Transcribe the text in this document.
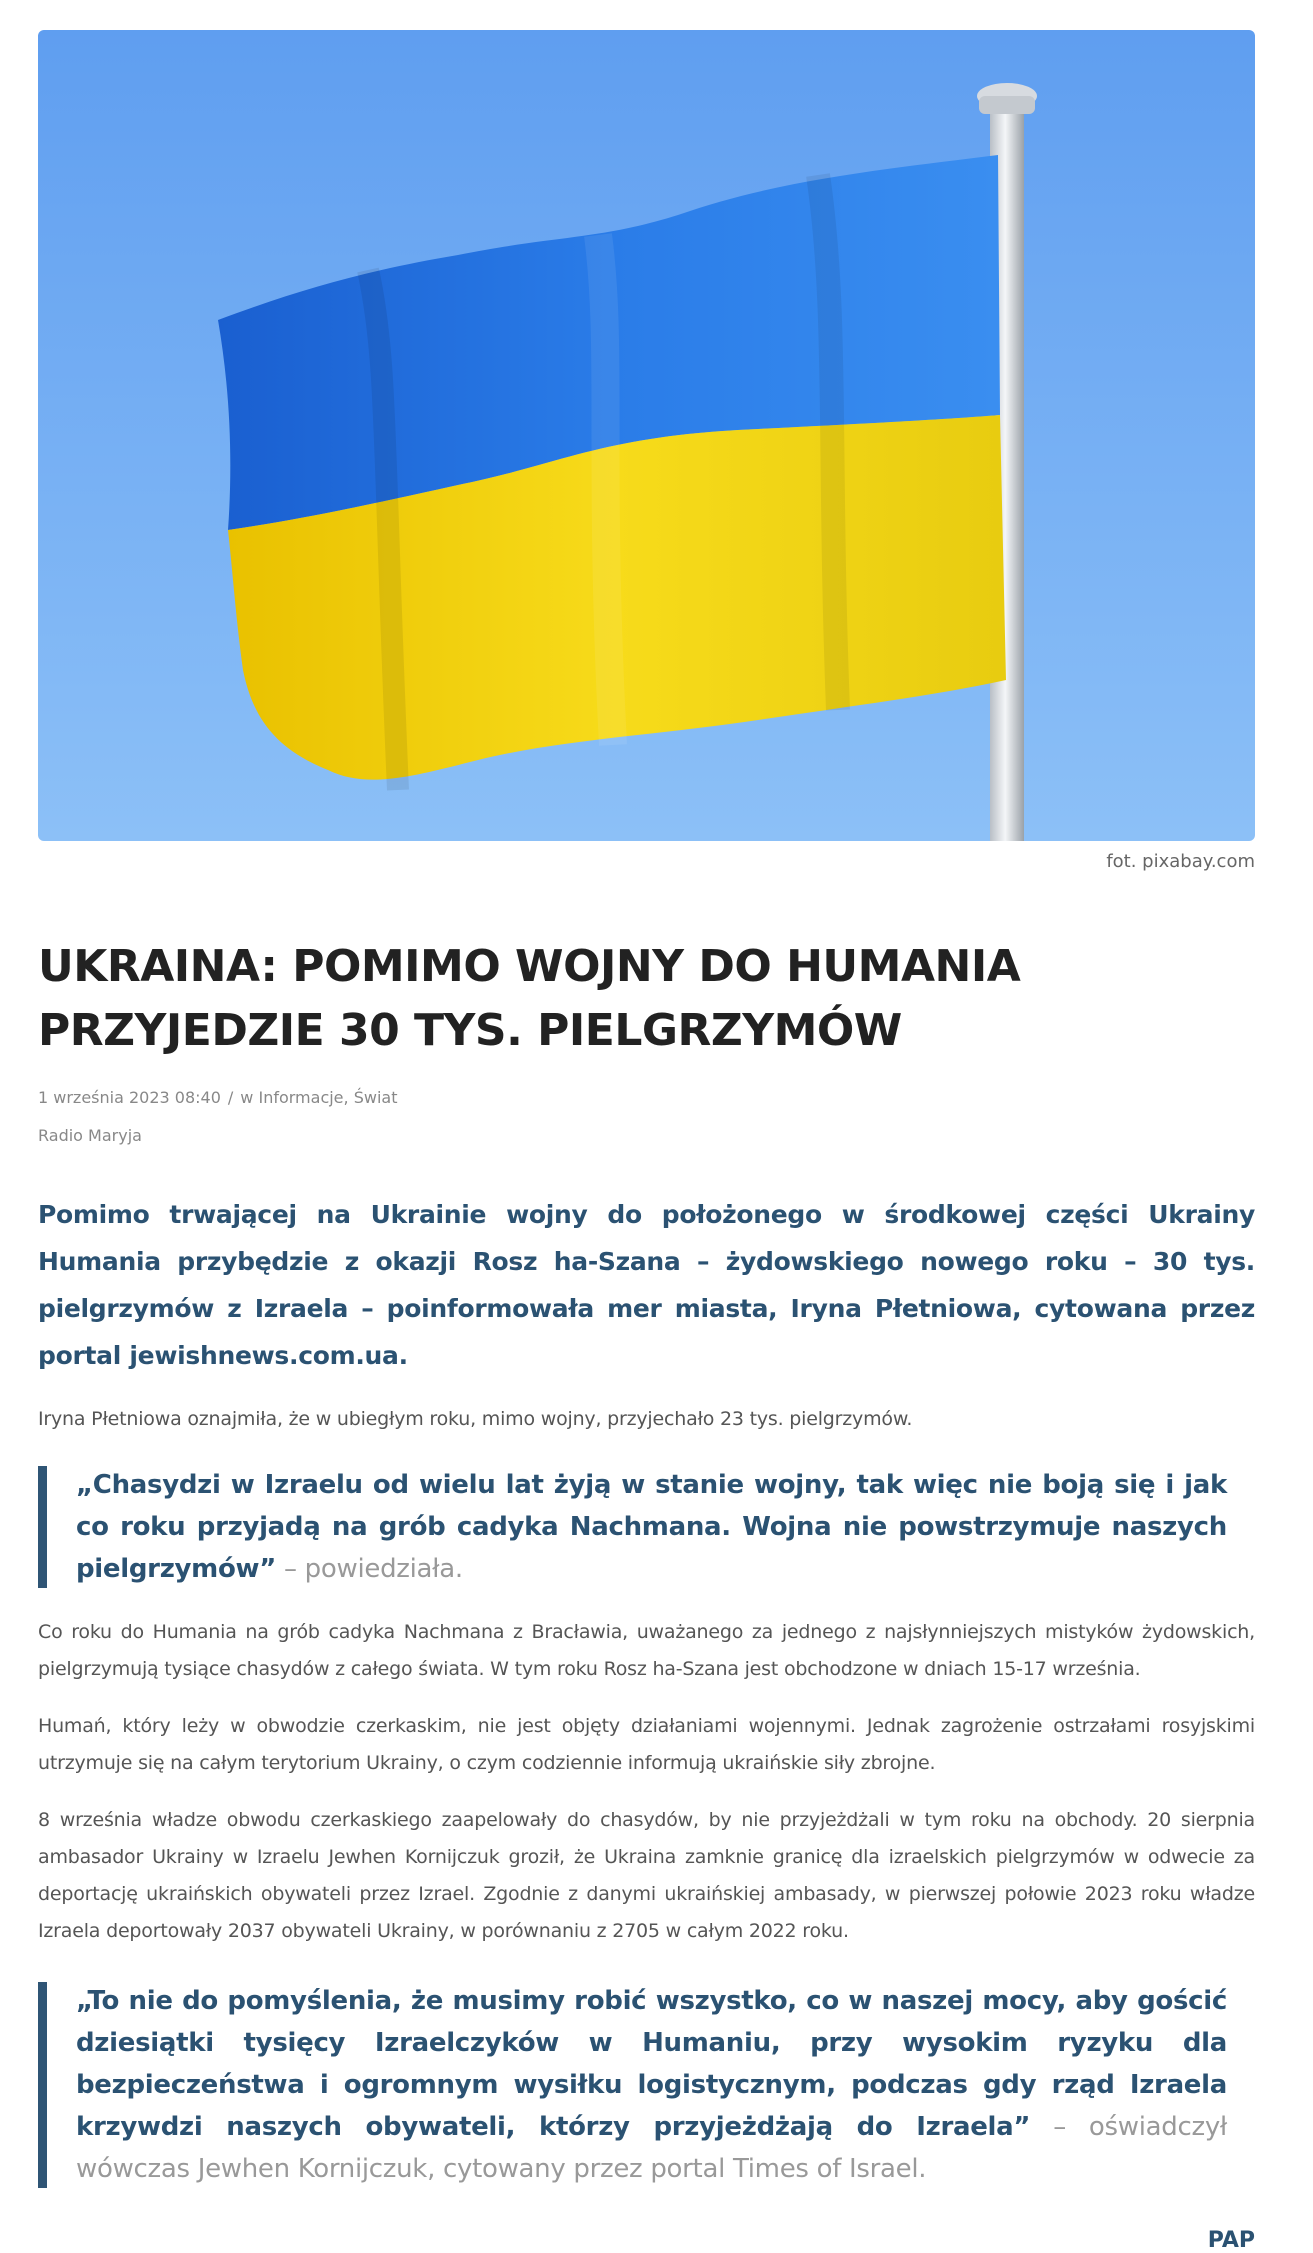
fot. pixabay.com
UKRAINA: POMIMO WOJNY DO HUMANIA PRZYJEDZIE 30 TYS. PIELGRZYMÓW
1 września 2023 08:40 / w Informacje, Świat
Radio Maryja
Pomimo trwającej na Ukrainie wojny do położonego w środkowej części Ukrainy Humania przybędzie z okazji Rosz ha-Szana – żydowskiego nowego roku – 30 tys. pielgrzymów z Izraela – poinformowała mer miasta, Iryna Płetniowa, cytowana przez portal jewishnews.com.ua.

Iryna Płetniowa oznajmiła, że w ubiegłym roku, mimo wojny, przyjechało 23 tys. pielgrzymów.

„Chasydzi w Izraelu od wielu lat żyją w stanie wojny, tak więc nie boją się i jak co roku przyjadą na grób cadyka Nachmana. Wojna nie powstrzymuje naszych pielgrzymów” – powiedziała.

Co roku do Humania na grób cadyka Nachmana z Bracławia, uważanego za jednego z najsłynniejszych mistyków żydowskich, pielgrzymują tysiące chasydów z całego świata. W tym roku Rosz ha-Szana jest obchodzone w dniach 15-17 września.

Humań, który leży w obwodzie czerkaskim, nie jest objęty działaniami wojennymi. Jednak zagrożenie ostrzałami rosyjskimi utrzymuje się na całym terytorium Ukrainy, o czym codziennie informują ukraińskie siły zbrojne.

8 września władze obwodu czerkaskiego zaapelowały do chasydów, by nie przyjeżdżali w tym roku na obchody. 20 sierpnia ambasador Ukrainy w Izraelu Jewhen Kornijczuk groził, że Ukraina zamknie granicę dla izraelskich pielgrzymów w odwecie za deportację ukraińskich obywateli przez Izrael. Zgodnie z danymi ukraińskiej ambasady, w pierwszej połowie 2023 roku władze Izraela deportowały 2037 obywateli Ukrainy, w porównaniu z 2705 w całym 2022 roku.

„To nie do pomyślenia, że musimy robić wszystko, co w naszej mocy, aby gościć dziesiątki tysięcy Izraelczyków w Humaniu, przy wysokim ryzyku dla bezpieczeństwa i ogromnym wysiłku logistycznym, podczas gdy rząd Izraela krzywdzi naszych obywateli, którzy przyjeżdżają do Izraela” – oświadczył wówczas Jewhen Kornijczuk, cytowany przez portal Times of Israel.
PAP
